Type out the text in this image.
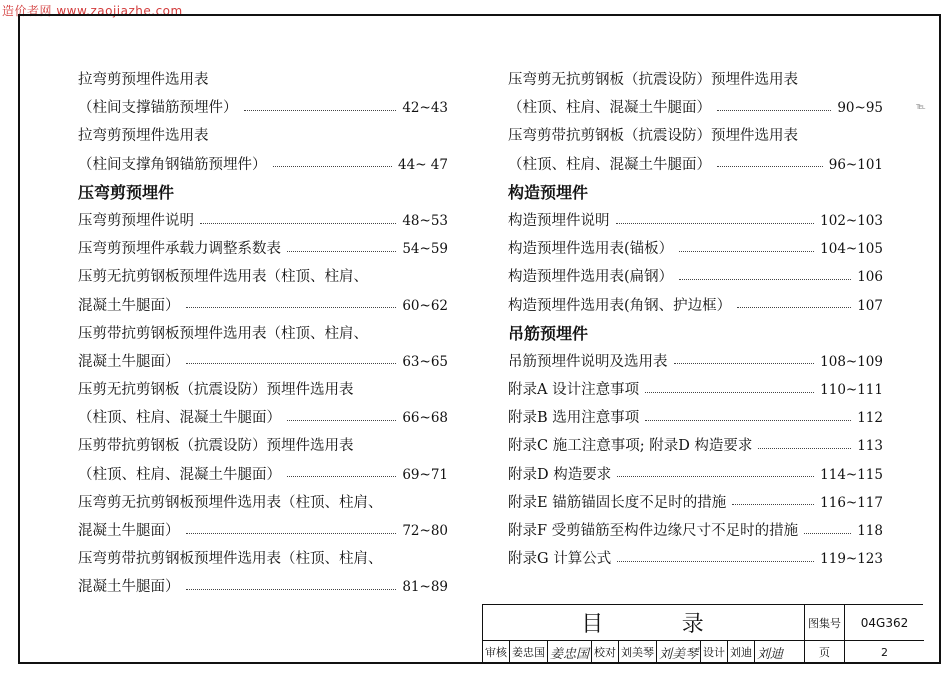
造价者网 www.zaojiazhe.com
℡
拉弯剪预埋件选用表
（柱间支撑锚筋预埋件）	42~43
拉弯剪预埋件选用表
（柱间支撑角钢锚筋预埋件）	44~ 47
压弯剪预埋件
压弯剪预埋件说明	48~53
压弯剪预埋件承载力调整系数表	54~59
压剪无抗剪钢板预埋件选用表（柱顶、柱肩、
混凝土牛腿面）	60~62
压剪带抗剪钢板预埋件选用表（柱顶、柱肩、
混凝土牛腿面）	63~65
压剪无抗剪钢板（抗震设防）预埋件选用表
（柱顶、柱肩、混凝土牛腿面）	66~68
压剪带抗剪钢板（抗震设防）预埋件选用表
（柱顶、柱肩、混凝土牛腿面）	69~71
压弯剪无抗剪钢板预埋件选用表（柱顶、柱肩、
混凝土牛腿面）	72~80
压弯剪带抗剪钢板预埋件选用表（柱顶、柱肩、
混凝土牛腿面）	81~89
压弯剪无抗剪钢板（抗震设防）预埋件选用表
（柱顶、柱肩、混凝土牛腿面）	90~95
压弯剪带抗剪钢板（抗震设防）预埋件选用表
（柱顶、柱肩、混凝土牛腿面）	96~101
构造预埋件
构造预埋件说明	102~103
构造预埋件选用表(锚板）	104~105
构造预埋件选用表(扁钢）	106
构造预埋件选用表(角钢、护边框）	107
吊筋预埋件
吊筋预埋件说明及选用表	108~109
附录A 设计注意事项	110~111
附录B 选用注意事项	112
附录C 施工注意事项; 附录D 构造要求	113
附录D 构造要求	114~115
附录E 锚筋锚固长度不足时的措施	116~117
附录F 受剪锚筋至构件边缘尺寸不足时的措施	118
附录G 计算公式	119~123
目	录	图集号	04G362
审核 姜忠国 姜忠国 校对 刘美琴 刘美琴 设计 刘迪 刘迪	页	2
